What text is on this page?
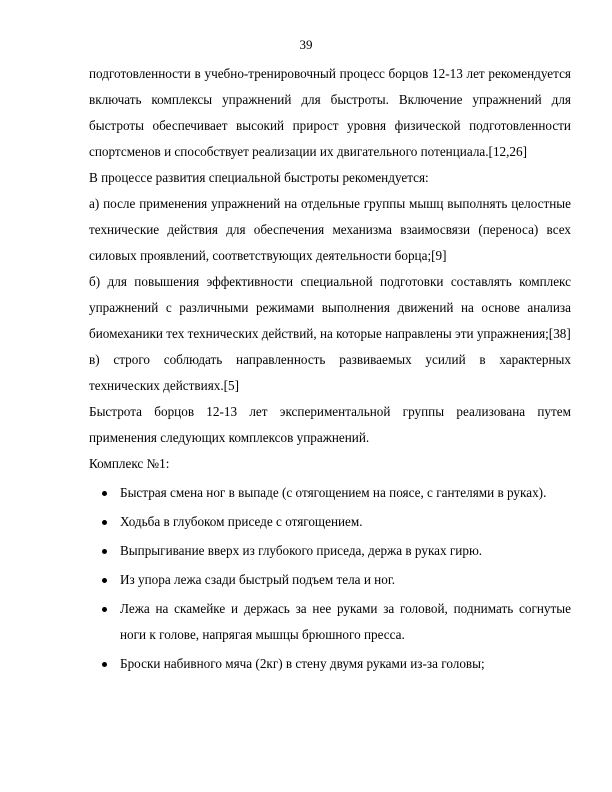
39

подготовленности в учебно-тренировочный процесс борцов 12-13 лет рекомендуется включать комплексы упражнений для быстроты. Включение упражнений для быстроты обеспечивает высокий прирост уровня физической подготовленности спортсменов и способствует реализации их двигательного потенциала.[12,26]

В процессе развития специальной быстроты рекомендуется:

а) после применения упражнений на отдельные группы мышц выполнять целостные технические действия для обеспечения механизма взаимосвязи (переноса) всех силовых проявлений, соответствующих деятельности борца;[9]

б) для повышения эффективности специальной подготовки составлять комплекс упражнений с различными режимами выполнения движений на основе анализа биомеханики тех технических действий, на которые направлены эти упражнения;[38]

в) строго соблюдать направленность развиваемых усилий в характерных технических действиях.[5]

Быстрота борцов 12-13 лет экспериментальной группы реализована путем применения следующих комплексов упражнений.

Комплекс №1:

Быстрая смена ног в выпаде (с отягощением на поясе, с гантелями в руках).
Ходьба в глубоком приседе с отягощением.
Выпрыгивание вверх из глубокого приседа, держа в руках гирю.
Из упора лежа сзади быстрый подъем тела и ног.
Лежа на скамейке и держась за нее руками за головой, поднимать согнутые ноги к голове, напрягая мышцы брюшного пресса.
Броски набивного мяча (2кг) в стену двумя руками из-за головы;
